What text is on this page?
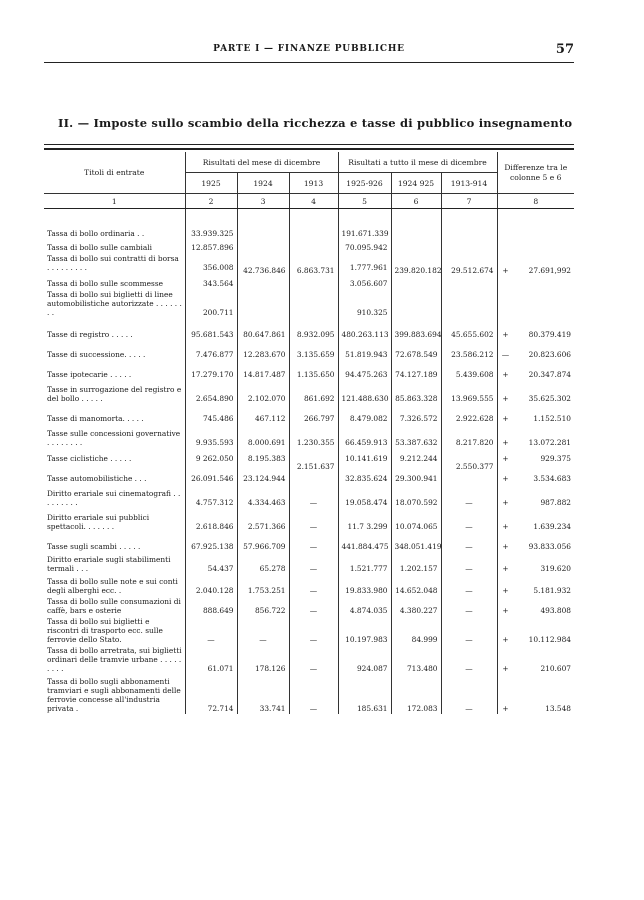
PARTE I — FINANZE PUBBLICHE	57
II. — Imposte sullo scambio della ricchezza e tasse di pubblico insegnamento
Titoli di entrate	Risultati del mese di dicembre			Risultati a tutto il mese di dicembre			Differenze tra le colonne 5 e 6
	1925	1924	1913	1925-926	1924 925	1913-914	
1	2	3	4	5	6	7	8

Tassa di bollo ordinaria . .	33.939.325	42.736.846	6.863.731	191.671.339	239.820.182	29.512.674	+ 27.691,992

Tassa di bollo sulle cambiali	12.857.896			70.095.942			
Tassa di bollo sui contratti di borsa . . . . . . . . .	356.008			1.777.961			
Tassa di bollo sulle scommesse	343.564			3.056.607			
Tassa di bollo sui biglietti di linee automobilistiche autorizzate . . . . . . . .	200.711			910.325			
Tasse di registro . . . . .	95.681.543	80.647.861	8.932.095	480.263.113	399.883.694	45.655.602	+ 80.379.419

Tasse di successione. . . . .	7.476.877	12.283.670	3.135.659	51.819.943	72.678.549	23.586.212	— 20.823.606

Tasse ipotecarie . . . . .	17.279.170	14.817.487	1.135.650	94.475.263	74.127.189	5.439.608	+ 20.347.874

Tasse in surrogazione del registro e del bollo . . . . .	2.654.890	2.102.070	861.692	121.488.630	85.863.328	13.969.555	+ 35.625.302

Tasse di manomorta. . . . .	745.486	467.112	266.797	8.479.082	7.326.572	2.922.628	+ 1.152.510

Tasse sulle concessioni governative . . . . . . . .	9.935.593	8.000.691	1.230.355	66.459.913	53.387.632	8.217.820	+ 13.072.281

Tasse ciclistiche . . . . .	9 262.050	8.195.383	2.151.637	10.141.619	9.212.244	2.550.377	+ 929.375

Tasse automobilistiche . . .	26.091.546	23.124.944		32.835.624	29.300.941		+ 3.534.683

Diritto erariale sui cinematografi . . . . . . . . .	4.757.312	4.334.463	—	19.058.474	18.070.592	—	+ 987.882

Diritto erariale sui pubblici spettacoli. . . . . . .	2.618.846	2.571.366	—	11.7 3.299	10.074.065	—	+ 1.639.234

Tasse sugli scambi . . . . .	67.925.138	57.966.709	—	441.884.475	348.051.419	—	+ 93.833.056

Diritto erariale sugli stabilimenti termali . . .	54.437	65.278	—	1.521.777	1.202.157	—	+ 319.620

Tassa di bollo sulle note e sui conti degli alberghi ecc. .	2.040.128	1.753.251	—	19.833.980	14.652.048	—	+ 5.181.932

Tassa di bollo sulle consumazioni di caffè, bars e osterie	888.649	856.722	—	4.874.035	4.380.227	—	+ 493.808

Tassa di bollo sui biglietti e riscontri di trasporto ecc. sulle ferrovie dello Stato.	—	—	—	10.197.983	84.999	—	+ 10.112.984

Tassa di bollo arretrata, sui biglietti ordinari delle tramvie urbane . . . . . . . . .	61.071	178.126	—	924.087	713.480	—	+ 210.607

Tassa di bollo sugli abbonamenti tramviari e sugli abbonamenti delle ferrovie concesse all'industria privata .	72.714	33.741	—	185.631	172.083	—	+ 13.548
